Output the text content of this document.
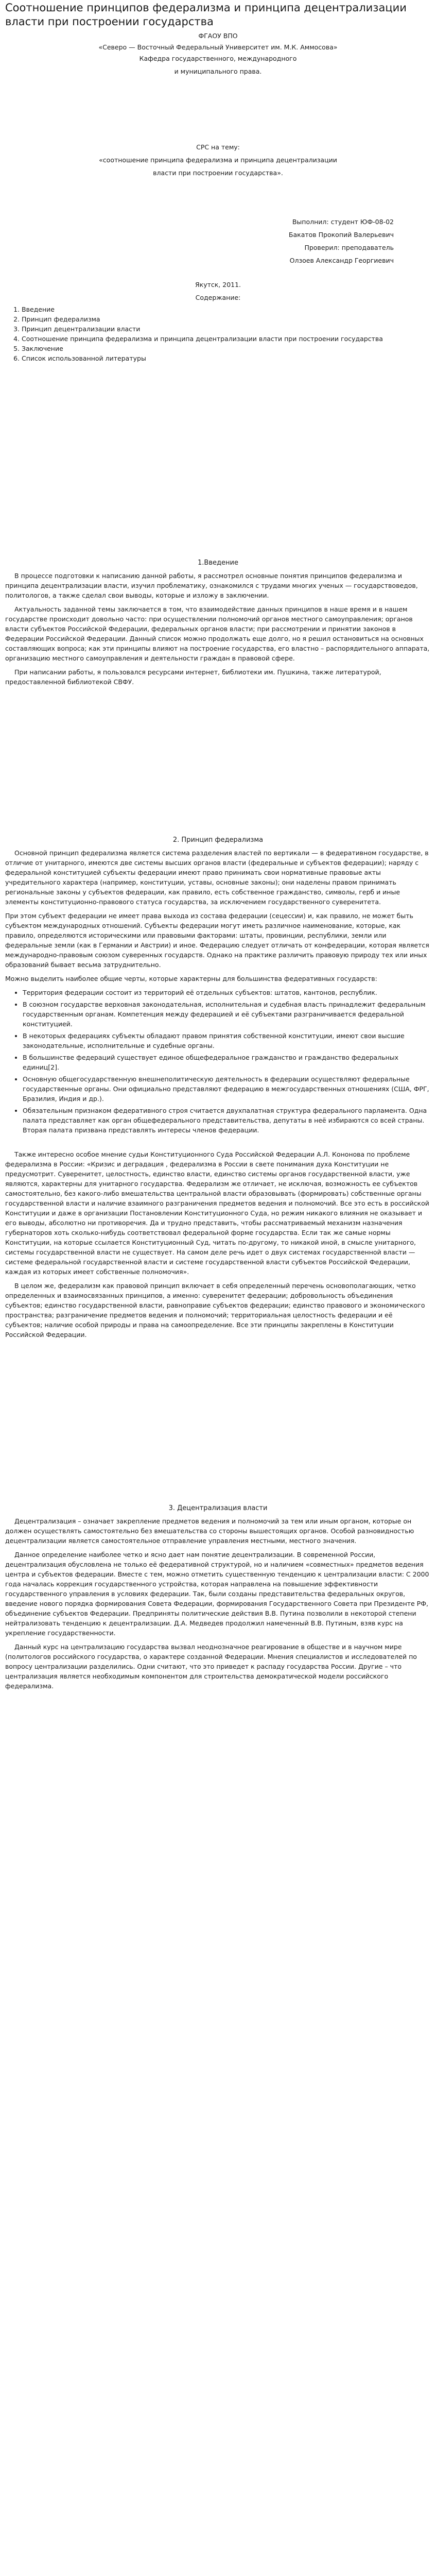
Соотношение принципов федерализма и принципа децентрализации власти при построении государства
ФГАОУ ВПО
«Северо — Восточный Федеральный Университет им. М.К. Аммосова»
Кафедра государственного, международного
и муниципального права.
СРС на тему:
«соотношение принципа федерализма и принципа децентрализации
власти при построении государства».
Выполнил: студент ЮФ-08-02
Бакатов Прокопий Валерьевич
Проверил: преподаватель
Олзоев Александр Георгиевич
Якутск, 2011.
Содержание:
1. Введение
2. Принцип федерализма
3. Принцип децентрализации власти
4. Соотношение принципа федерализма и принципа децентрализации власти при построении государства
5. Заключение
6. Список использованной литературы
1.Введение

В процессе подготовки к написанию данной работы, я рассмотрел основные понятия принципов федерализма и принципа децентрализации власти, изучил проблематику, ознакомился с трудами многих ученых — государствоведов, политологов, а также сделал свои выводы, которые и изложу в заключении.

Актуальность заданной темы заключается в том, что взаимодействие данных принципов в наше время и в нашем государстве происходит довольно часто: при осуществлении полномочий органов местного самоуправления; органов власти субъектов Российской Федерации, федеральных органов власти; при рассмотрении и принятии законов в Федерации Российской Федерации. Данный список можно продолжать еще долго, но я решил остановиться на основных составляющих вопроса; как эти принципы влияют на построение государства, его властно – распорядительного аппарата, организацию местного самоуправления и деятельности граждан в правовой сфере.

При написании работы, я пользовался ресурсами интернет, библиотеки им. Пушкина, также литературой, предоставленной библиотекой СВФУ.

2. Принцип федерализма

Основной принцип федерализма является система разделения властей по вертикали — в федеративном государстве, в отличие от унитарного, имеются две системы высших органов власти (федеральные и субъектов федерации); наряду с федеральной конституцией субъекты федерации имеют право принимать свои нормативные правовые акты учредительного характера (например, конституции, уставы, основные законы); они наделены правом принимать региональные законы у субъектов федерации, как правило, есть собственное гражданство, символы, герб и иные элементы конституционно-правового статуса государства, за исключением государственного суверенитета.

При этом субъект федерации не имеет права выхода из состава федерации (сецессии) и, как правило, не может быть субъектом международных отношений. Субъекты федерации могут иметь различное наименование, которые, как правило, определяются историческими или правовыми факторами: штаты, провинции, республики, земли или федеральные земли (как в Германии и Австрии) и иное. Федерацию следует отличать от конфедерации, которая является международно-правовым союзом суверенных государств. Однако на практике различить правовую природу тех или иных образований бывает весьма затруднительно.

Можно выделить наиболее общие черты, которые характерны для большинства федеративных государств:

• Территория федерации состоит из территорий её отдельных субъектов: штатов, кантонов, республик.
• В союзном государстве верховная законодательная, исполнительная и судебная власть принадлежит федеральным государственным органам. Компетенция между федерацией и её субъектами разграничивается федеральной конституцией.
• В некоторых федерациях субъекты обладают правом принятия собственной конституции, имеют свои высшие законодательные, исполнительные и судебные органы.
• В большинстве федераций существует единое общефедеральное гражданство и гражданство федеральных единиц[2].
• Основную общегосударственную внешнеполитическую деятельность в федерации осуществляют федеральные государственные органы. Они официально представляют федерацию в межгосударственных отношениях (США, ФРГ, Бразилия, Индия и др.).
• Обязательным признаком федеративного строя считается двухпалатная структура федерального парламента. Одна палата представляет как орган общефедерального представительства, депутаты в неё избираются со всей страны. Вторая палата призвана представлять интересы членов федерации.

Также интересно особое мнение судьи Конституционного Суда Российской Федерации А.Л. Кононова по проблеме федерализма в России: «Кризис и деградация , федерализма в России в свете понимания духа Конституции не предусмотрит. Суверенитет, целостность, единство власти, единство системы органов государственной власти, уже являются, характерны для унитарного государства. Федерализм же отличает, не исключая, возможность ее субъектов самостоятельно, без какого-либо вмешательства центральной власти образовывать (формировать) собственные органы государственной власти и наличие взаимного разграничения предметов ведения и полномочий. Все это есть в российской Конституции и даже в организации Постановлении Конституционного Суда, но режим никакого влияния не оказывает и его выводы, абсолютно ни противоречия. Да и трудно представить, чтобы рассматриваемый механизм назначения губернаторов хоть сколько-нибудь соответствовал федеральной форме государства. Если так же самые нормы Конституции, на которые ссылается Конституционный Суд, читать по-другому, то никакой иной, в смысле унитарного, системы государственной власти не существует. На самом деле речь идет о двух системах государственной власти — системе федеральной государственной власти и системе государственной власти субъектов Российской Федерации, каждая из которых имеет собственные полномочия».

В целом же, федерализм как правовой принцип включает в себя определенный перечень основополагающих, четко определенных и взаимосвязанных принципов, а именно: суверенитет федерации; добровольность объединения субъектов; единство государственной власти, равноправие субъектов федерации; единство правового и экономического пространства; разграничение предметов ведения и полномочий; территориальная целостность федерации и её субъектов; наличие особой природы и права на самоопределение. Все эти принципы закреплены в Конституции Российской Федерации.

3. Децентрализация власти

Децентрализация – означает закрепление предметов ведения и полномочий за тем или иным органом, которые он должен осуществлять самостоятельно без вмешательства со стороны вышестоящих органов. Особой разновидностью децентрализации является самостоятельное отправление управления местными, местного значения.

Данное определение наиболее четко и ясно дает нам понятие децентрализации. В современной России, децентрализация обусловлена не только её федеративной структурой, но и наличием «совместных» предметов ведения центра и субъектов федерации. Вместе с тем, можно отметить существенную тенденцию к централизации власти: С 2000 года началась коррекция государственного устройства, которая направлена на повышение эффективности государственного управления в условиях федерации. Так, были созданы представительства федеральных округов, введение нового порядка формирования Совета Федерации, формирования Государственного Совета при Президенте РФ, объединение субъектов Федерации. Предприняты политические действия В.В. Путина позволили в некоторой степени нейтрализовать тенденцию к децентрализации. Д.А. Медведев продолжил намеченный В.В. Путиным, взяв курс на укрепление государственности.

Данный курс на централизацию государства вызвал неоднозначное реагирование в обществе и в научном мире (политологов российского государства, о характере созданной Федерации. Мнения специалистов и исследователей по вопросу централизации разделились. Одни считают, что это приведет к распаду государства России. Другие – что централизация является необходимым компонентом для строительства демократической модели российского федерализма.
